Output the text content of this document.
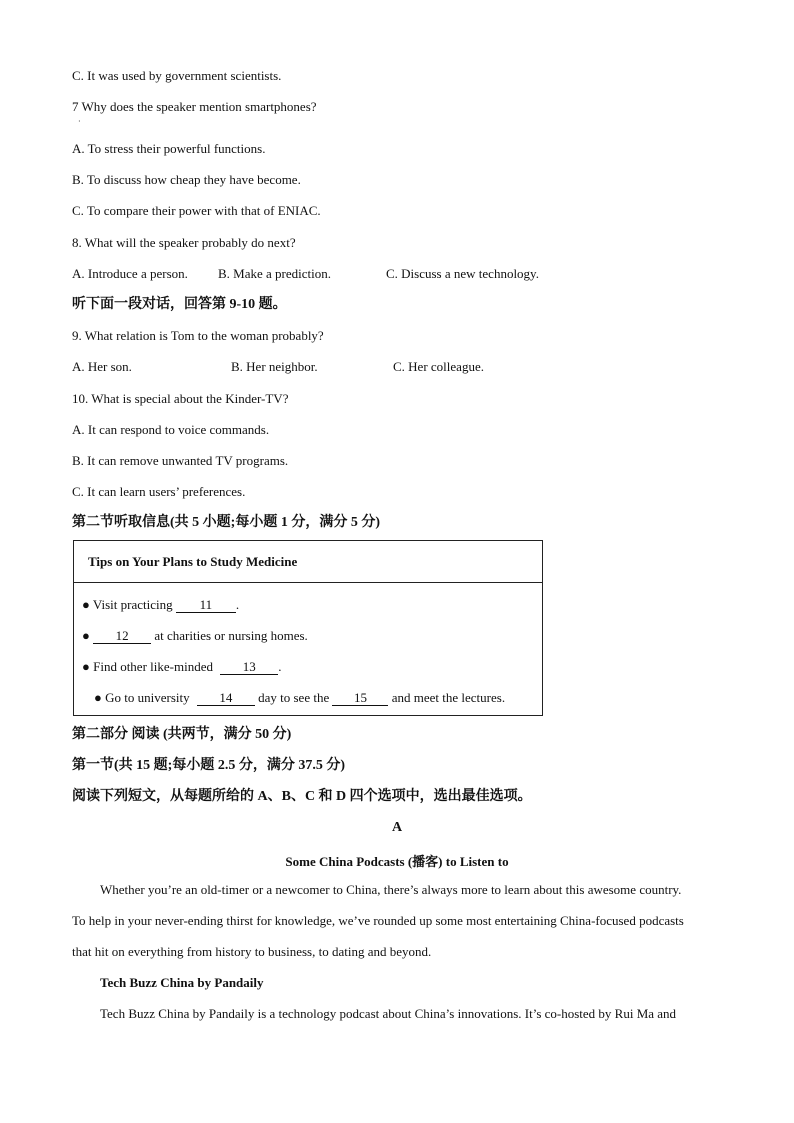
C. It was used by government scientists.
7 Why does the speaker mention smartphones?
·
A. To stress their powerful functions.
B. To discuss how cheap they have become.
C. To compare their power with that of ENIAC.
8. What will the speaker probably do next?
A. Introduce a person. B. Make a prediction.	C. Discuss a new technology.
听下面一段对话，回答第 9-10 题。
9. What relation is Tom to the woman probably?
A. Her son.	B. Her neighbor.	C. Her colleague.
10. What is special about the Kinder-TV?
A. It can respond to voice commands.
B. It can remove unwanted TV programs.
C. It can learn users’ preferences.
第二节听取信息(共 5 小题;每小题 1 分，满分 5 分)
Tips on Your Plans to Study Medicine
● Visit practicing 11 .
● 12 at charities or nursing homes.
● Find other like-minded 13 .
● Go to university 14 day to see the 15 and meet the lectures.
第二部分 阅读 (共两节，满分 50 分)
第一节(共 15 题;每小题 2.5 分，满分 37.5 分)
阅读下列短文，从每题所给的 A、B、C 和 D 四个选项中，选出最佳选项。
A
Some China Podcasts (播客) to Listen to
Whether you’re an old-timer or a newcomer to China, there’s always more to learn about this awesome country.
To help in your never-ending thirst for knowledge, we’ve rounded up some most entertaining China-focused podcasts
that hit on everything from history to business, to dating and beyond.
Tech Buzz China by Pandaily
Tech Buzz China by Pandaily is a technology podcast about China’s innovations. It’s co-hosted by Rui Ma and
